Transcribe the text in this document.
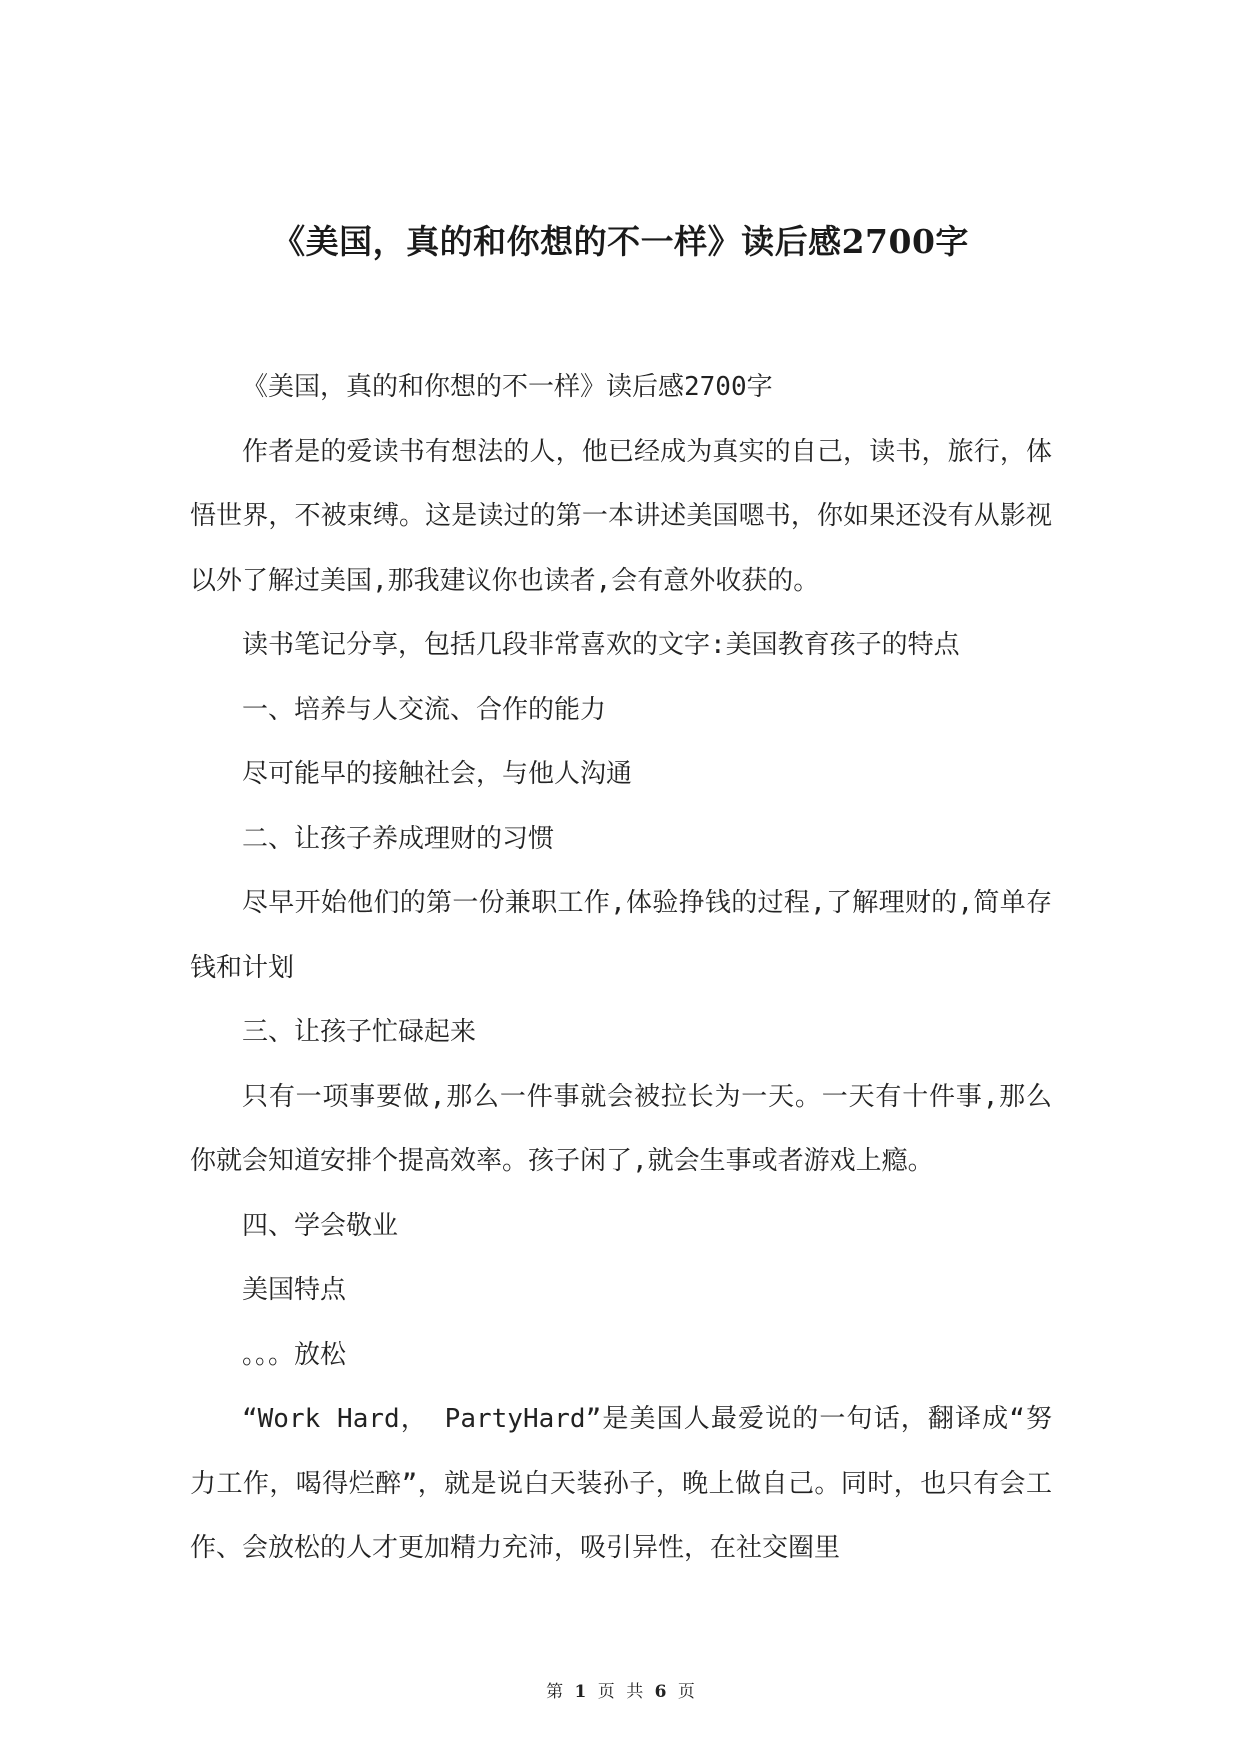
《美国，真的和你想的不一样》读后感2700字

《美国，真的和你想的不一样》读后感2700字

作者是的爱读书有想法的人，他已经成为真实的自己，读书，旅行，体悟世界，不被束缚。这是读过的第一本讲述美国嗯书，你如果还没有从影视以外了解过美国,那我建议你也读者,会有意外收获的。

读书笔记分享，包括几段非常喜欢的文字:美国教育孩子的特点

一、培养与人交流、合作的能力

尽可能早的接触社会，与他人沟通

二、让孩子养成理财的习惯

尽早开始他们的第一份兼职工作,体验挣钱的过程,了解理财的,简单存钱和计划

三、让孩子忙碌起来

只有一项事要做,那么一件事就会被拉长为一天。一天有十件事,那么你就会知道安排个提高效率。孩子闲了,就会生事或者游戏上瘾。

四、学会敬业

美国特点

。。。放松

“Work Hard， PartyHard”是美国人最爱说的一句话，翻译成“努力工作，喝得烂醉”，就是说白天装孙子，晚上做自己。同时，也只有会工作、会放松的人才更加精力充沛，吸引异性，在社交圈里

第 1 页 共 6 页
